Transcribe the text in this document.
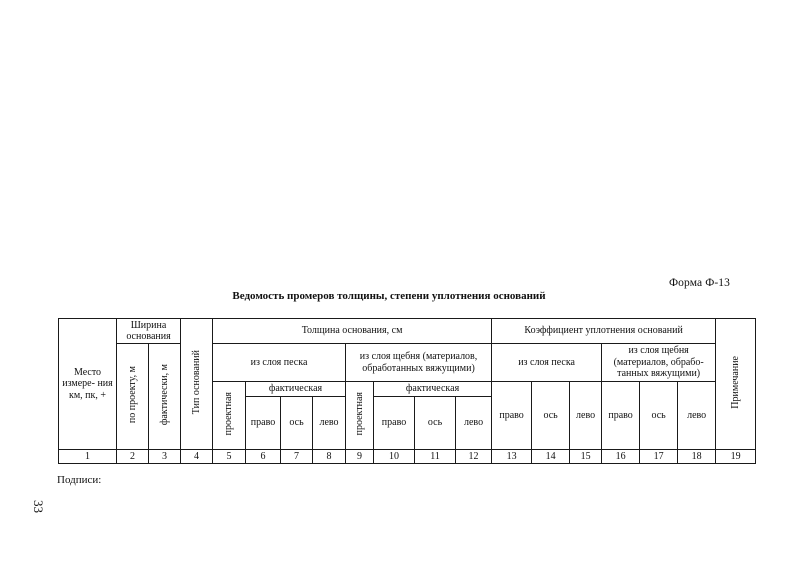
Форма Ф-13
Ведомость промеров толщины, степени уплотнения оснований
Место измере- ния км, пк, +	Ширина основания		Тип оснований	Толщина основания, см								Коэффициент уплотнения оснований						Примечание
	по проекту, м	фактически, м		из слоя песка				из слоя щебня (материалов, обработанных вяжущими)				из слоя песка			из слоя щебня (материалов, обрабо- танных вяжущими)			

				проектная	фактическая			проектная	фактическая			право	ось	лево	право	ось	лево	

					право	ось	лево		право	ось	лево							

1	2	3	4	5	6	7	8	9	10	11	12	13	14	15	16	17	18	19
Подписи:
33
